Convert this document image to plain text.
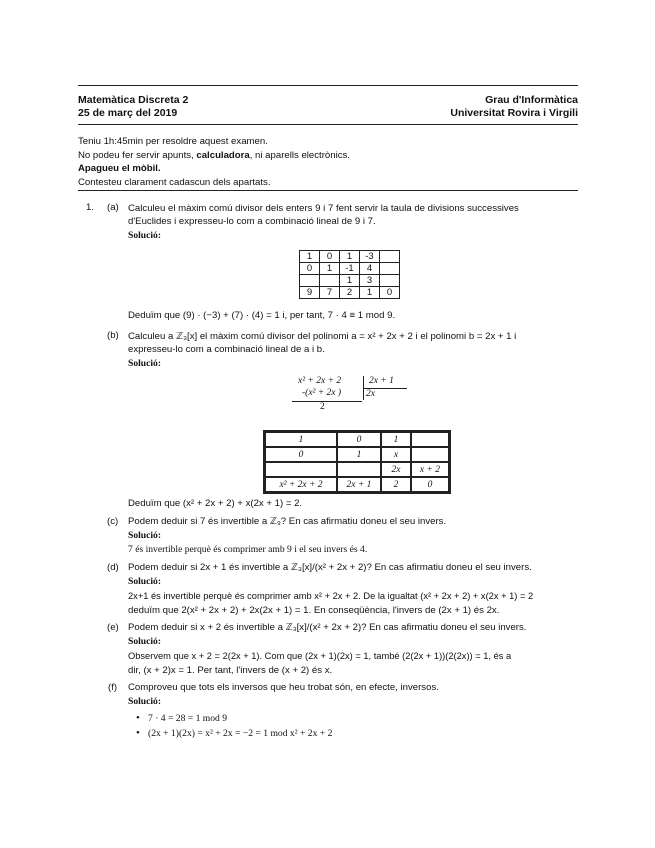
Matemàtica Discreta 2
25 de març del 2019
Grau d'Informàtica
Universitat Rovira i Virgili
Teniu 1h:45min per resoldre aquest examen.
No podeu fer servir apunts, calculadora, ni aparells electrònics.
Apagueu el mòbil.
Contesteu clarament cadascun dels apartats.
1. (a) Calculeu el màxim comú divisor dels enters 9 i 7 fent servir la taula de divisions successives
d'Euclides i expresseu-lo com a combinació lineal de 9 i 7.
Solució:
1	0	1	-3	
0	1	-1	4	
		1	3	
9	7	2	1	0
Deduïm que (9) · (−3) + (7) · (4) = 1 i, per tant, 7 · 4 ≡ 1 mod 9.
(b) Calculeu a ℤ₃[x] el màxim comú divisor del polinomi a = x² + 2x + 2 i el polinomi b = 2x + 1 i
expresseu-lo com a combinació lineal de a i b.
Solució:
x² + 2x + 2
-(x² + 2x )
2
2x + 1
2x
1	0	1	
0	1	x	
		2x	x + 2
x² + 2x + 2	2x + 1	2	0
Deduïm que (x² + 2x + 2) + x(2x + 1) = 2.
(c) Podem deduir si 7 és invertible a ℤ₉? En cas afirmatiu doneu el seu invers.
Solució:
7 és invertible perquè és comprimer amb 9 i el seu invers és 4.
(d) Podem deduir si 2x + 1 és invertible a ℤ₃[x]/(x² + 2x + 2)? En cas afirmatiu doneu el seu invers.
Solució:
2x+1 és invertible perquè és comprimer amb x² + 2x + 2. De la igualtat (x² + 2x + 2) + x(2x + 1) = 2
deduïm que 2(x² + 2x + 2) + 2x(2x + 1) = 1. En conseqüència, l'invers de (2x + 1) és 2x.
(e) Podem deduir si x + 2 és invertible a ℤ₃[x]/(x² + 2x + 2)? En cas afirmatiu doneu el seu invers.
Solució:
Observem que x + 2 = 2(2x + 1). Com que (2x + 1)(2x) = 1, també (2(2x + 1))(2(2x)) = 1, és a
dir, (x + 2)x = 1. Per tant, l'invers de (x + 2) és x.
(f) Comproveu que tots els inversos que heu trobat són, en efecte, inversos.
Solució:
• 7 · 4 = 28 = 1 mod 9
• (2x + 1)(2x) = x² + 2x = −2 = 1 mod x² + 2x + 2
